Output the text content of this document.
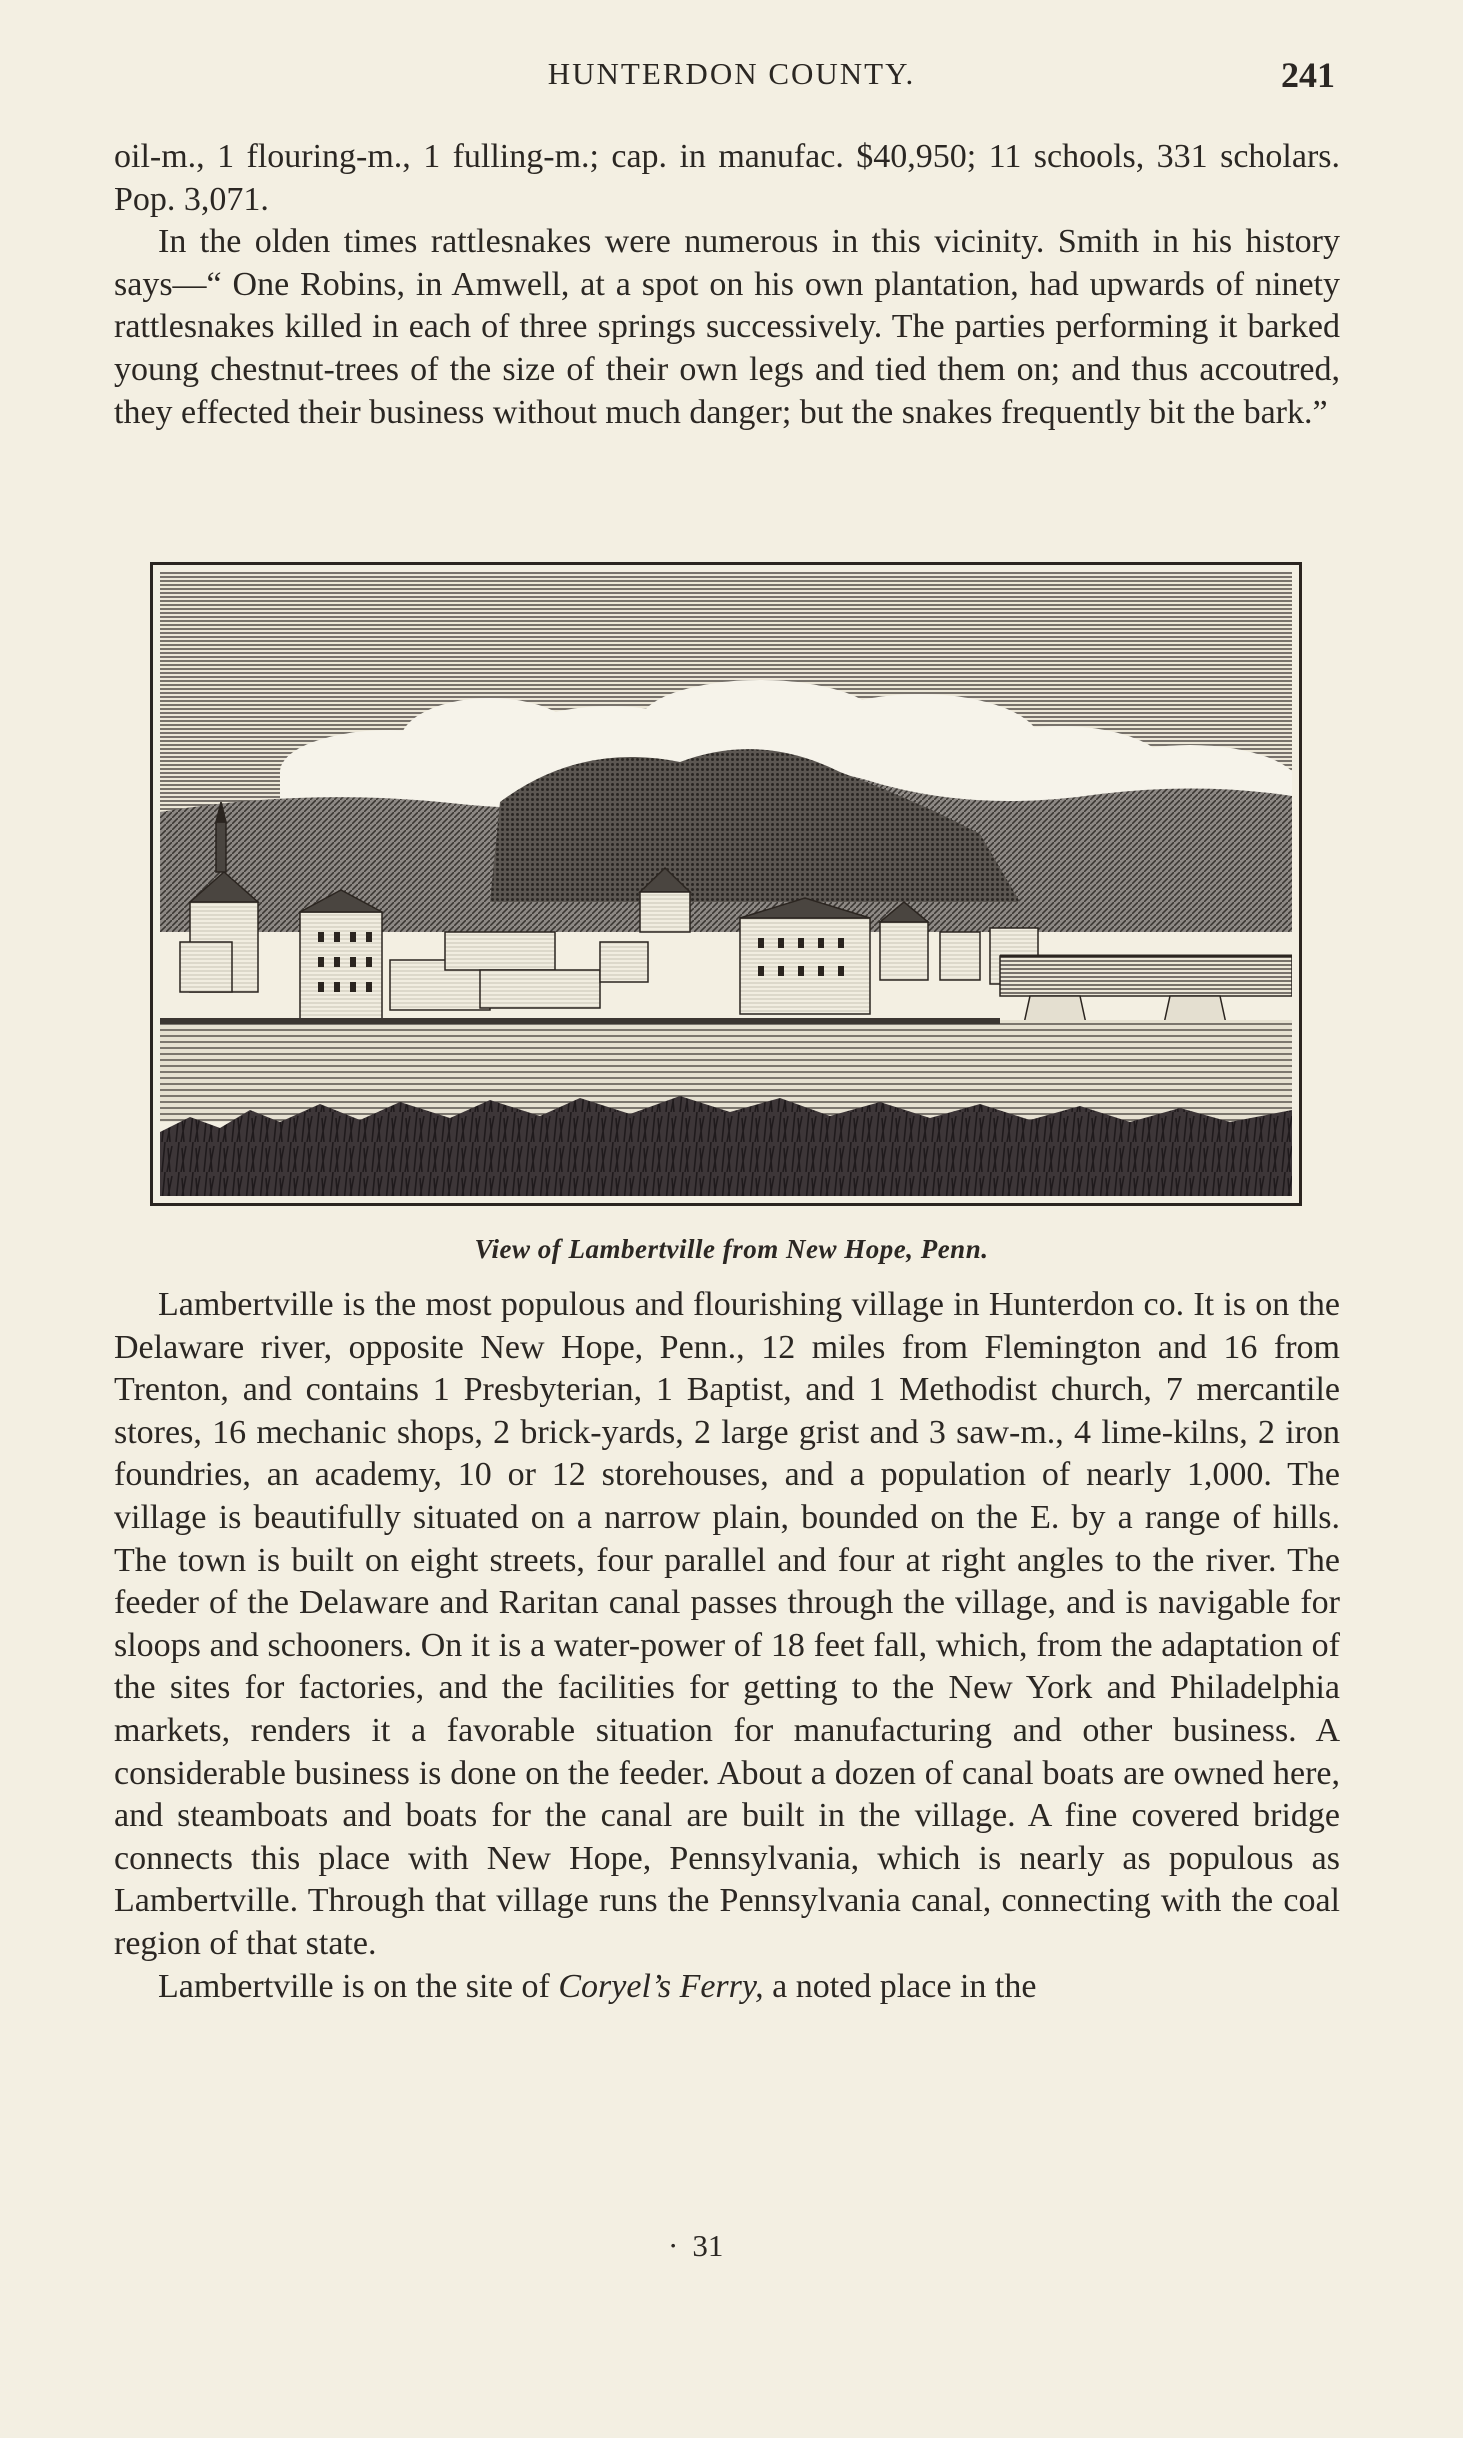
HUNTERDON COUNTY.	241

oil-m., 1 flouring-m., 1 fulling-m.; cap. in manufac. $40,950; 11 schools, 331 scholars. Pop. 3,071.

In the olden times rattlesnakes were numerous in this vicinity. Smith in his history says—“ One Robins, in Amwell, at a spot on his own plantation, had upwards of ninety rattlesnakes killed in each of three springs successively. The parties performing it barked young chestnut-trees of the size of their own legs and tied them on; and thus accoutred, they effected their business without much danger; but the snakes frequently bit the bark.”

View of Lambertville from New Hope, Penn.

Lambertville is the most populous and flourishing village in Hunterdon co. It is on the Delaware river, opposite New Hope, Penn., 12 miles from Flemington and 16 from Trenton, and contains 1 Presbyterian, 1 Baptist, and 1 Methodist church, 7 mercantile stores, 16 mechanic shops, 2 brick-yards, 2 large grist and 3 saw-m., 4 lime-kilns, 2 iron foundries, an academy, 10 or 12 storehouses, and a population of nearly 1,000. The village is beautifully situated on a narrow plain, bounded on the E. by a range of hills. The town is built on eight streets, four parallel and four at right angles to the river. The feeder of the Delaware and Raritan canal passes through the village, and is navigable for sloops and schooners. On it is a water-power of 18 feet fall, which, from the adaptation of the sites for factories, and the facilities for getting to the New York and Philadelphia markets, renders it a favorable situation for manufacturing and other business. A considerable business is done on the feeder. About a dozen of canal boats are owned here, and steamboats and boats for the canal are built in the village. A fine covered bridge connects this place with New Hope, Pennsylvania, which is nearly as populous as Lambertville. Through that village runs the Pennsylvania canal, connecting with the coal region of that state.

Lambertville is on the site of Coryel’s Ferry, a noted place in the

· 31
